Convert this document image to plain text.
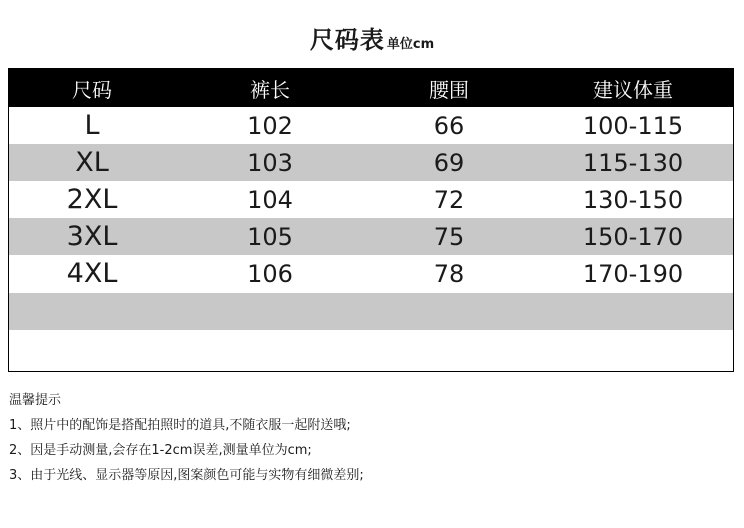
尺码表 单位cm
尺码	裤长	腰围	建议体重
L	102	66	100-115
XL	103	69	115-130
2XL	104	72	130-150
3XL	105	75	150-170
4XL	106	78	170-190
温馨提示
1、照片中的配饰是搭配拍照时的道具,不随衣服一起附送哦;
2、因是手动测量,会存在1-2cm误差,测量单位为cm;
3、由于光线、显示器等原因,图案颜色可能与实物有细微差别;
